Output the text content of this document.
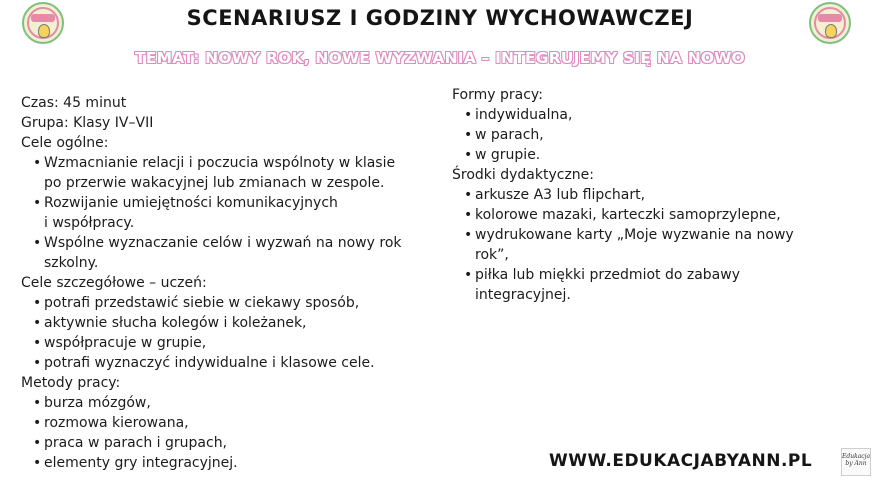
SCENARIUSZ I GODZINY WYCHOWAWCZEJ
TEMAT: NOWY ROK, NOWE WYZWANIA – INTEGRUJEMY SIĘ NA NOWO
Czas: 45 minut
Grupa: Klasy IV–VII
Cele ogólne:
• Wzmacnianie relacji i poczucia wspólnoty w klasie
po przerwie wakacyjnej lub zmianach w zespole.
• Rozwijanie umiejętności komunikacyjnych
i współpracy.
• Wspólne wyznaczanie celów i wyzwań na nowy rok
szkolny.
Cele szczegółowe – uczeń:
• potrafi przedstawić siebie w ciekawy sposób,
• aktywnie słucha kolegów i koleżanek,
• współpracuje w grupie,
• potrafi wyznaczyć indywidualne i klasowe cele.
Metody pracy:
• burza mózgów,
• rozmowa kierowana,
• praca w parach i grupach,
• elementy gry integracyjnej.
Formy pracy:
• indywidualna,
• w parach,
• w grupie.
Środki dydaktyczne:
• arkusze A3 lub flipchart,
• kolorowe mazaki, karteczki samoprzylepne,
• wydrukowane karty „Moje wyzwanie na nowy
rok”,
• piłka lub miękki przedmiot do zabawy
integracyjnej.
WWW.EDUKACJABYANN.PL	Edukacja by Ann
